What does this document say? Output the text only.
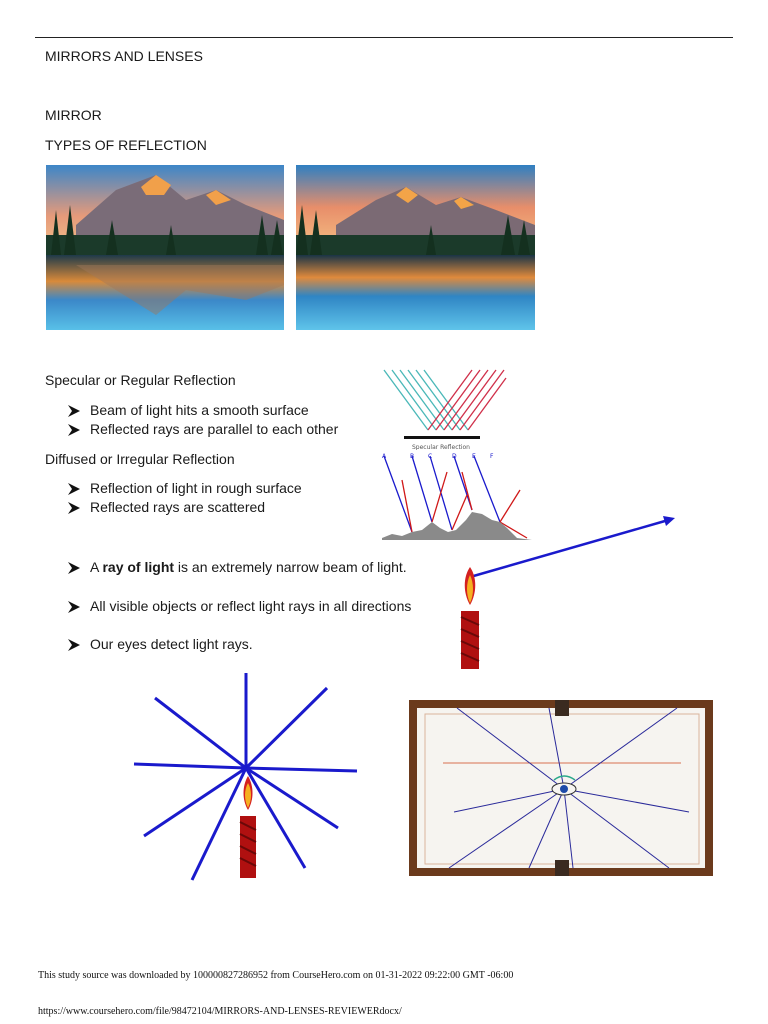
MIRRORS AND LENSES
MIRROR
TYPES OF REFLECTION
Specular or Regular Reflection
Beam of light hits a smooth surface
Reflected rays are parallel to each other
Diffused or Irregular Reflection
Reflection of light in rough surface
Reflected rays are scattered
Specular Reflection
A	B C	D	E F
A ray of light is an extremely narrow beam of light.
All visible objects or reflect light rays in all directions
Our eyes detect light rays.
This study source was downloaded by 100000827286952 from CourseHero.com on 01-31-2022 09:22:00 GMT -06:00
https://www.coursehero.com/file/98472104/MIRRORS-AND-LENSES-REVIEWERdocx/
